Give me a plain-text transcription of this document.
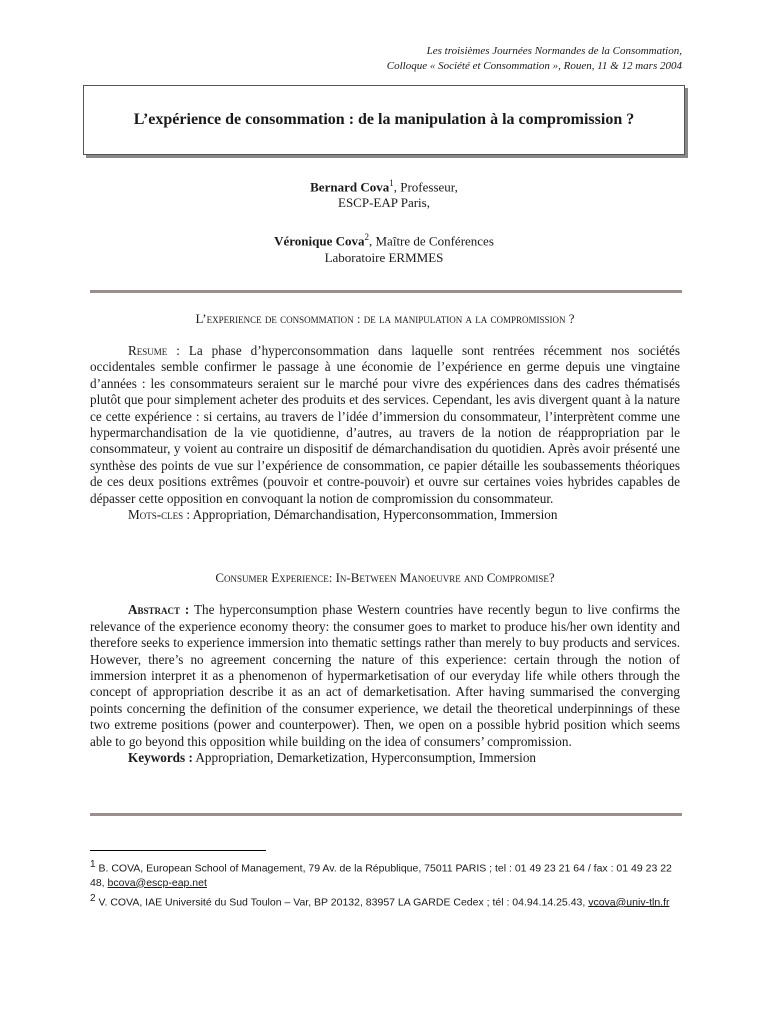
Les troisièmes Journées Normandes de la Consommation,
Colloque « Société et Consommation », Rouen, 11 & 12 mars 2004
L’expérience de consommation : de la manipulation à la compromission ?
Bernard Cova$^1$, Professeur,
ESCP-EAP Paris,
Véronique Cova$^2$, Maître de Conférences
Laboratoire ERMMES
L’experience de consommation : de la manipulation a la compromission ?

Resume : La phase d’hyperconsommation dans laquelle sont rentrées récemment nos sociétés occidentales semble confirmer le passage à une économie de l’expérience en germe depuis une vingtaine d’années : les consommateurs seraient sur le marché pour vivre des expériences dans des cadres thématisés plutôt que pour simplement acheter des produits et des services. Cependant, les avis divergent quant à la nature ce cette expérience : si certains, au travers de l’idée d’immersion du consommateur, l’interprètent comme une hypermarchandisation de la vie quotidienne, d’autres, au travers de la notion de réappropriation par le consommateur, y voient au contraire un dispositif de démarchandisation du quotidien. Après avoir présenté une synthèse des points de vue sur l’expérience de consommation, ce papier détaille les soubassements théoriques de ces deux positions extrêmes (pouvoir et contre-pouvoir) et ouvre sur certaines voies hybrides capables de dépasser cette opposition en convoquant la notion de compromission du consommateur.

Mots-cles : Appropriation, Démarchandisation, Hyperconsommation, Immersion

Consumer Experience: In-Between Manoeuvre and Compromise?

Abstract : The hyperconsumption phase Western countries have recently begun to live confirms the relevance of the experience economy theory: the consumer goes to market to produce his/her own identity and therefore seeks to experience immersion into thematic settings rather than merely to buy products and services. However, there’s no agreement concerning the nature of this experience: certain through the notion of immersion interpret it as a phenomenon of hypermarketisation of our everyday life while others through the concept of appropriation describe it as an act of demarketisation. After having summarised the converging points concerning the definition of the consumer experience, we detail the theoretical underpinnings of these two extreme positions (power and counterpower). Then, we open on a possible hybrid position which seems able to go beyond this opposition while building on the idea of consumers’ compromission.

Keywords : Appropriation, Demarketization, Hyperconsumption, Immersion

$^1$ B. COVA, European School of Management, 79 Av. de la République, 75011 PARIS ; tel : 01 49 23 21 64 / fax : 01 49 23 22 48, bcova@escp-eap.net

$^2$ V. COVA, IAE Université du Sud Toulon – Var, BP 20132, 83957 LA GARDE Cedex ; tél : 04.94.14.25.43, vcova@univ-tln.fr
